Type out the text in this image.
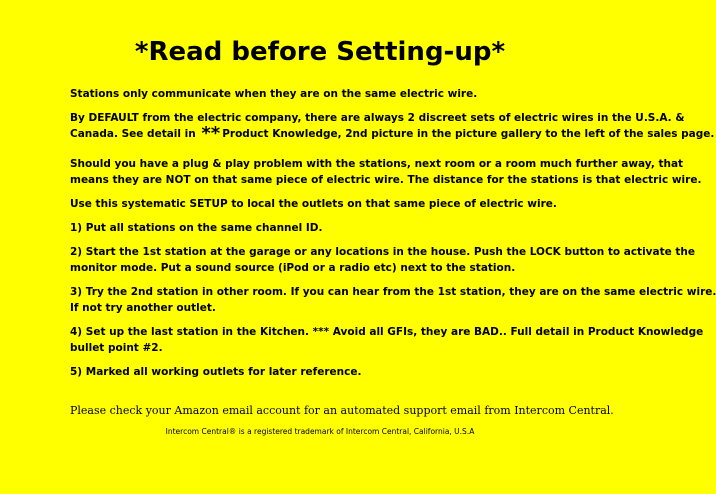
*Read before Setting-up*
Stations only communicate when they are on the same electric wire.
By DEFAULT from the electric company, there are always 2 discreet sets of electric wires in the U.S.A. &
Canada. See detail in ** Product Knowledge, 2nd picture in the picture gallery to the left of the sales page.
Should you have a plug & play problem with the stations, next room or a room much further away, that
means they are NOT on that same piece of electric wire. The distance for the stations is that electric wire.
Use this systematic SETUP to local the outlets on that same piece of electric wire.
1) Put all stations on the same channel ID.
2) Start the 1st station at the garage or any locations in the house. Push the LOCK button to activate the
monitor mode. Put a sound source (iPod or a radio etc) next to the station.
3) Try the 2nd station in other room. If you can hear from the 1st station, they are on the same electric wire.
If not try another outlet.
4) Set up the last station in the Kitchen. *** Avoid all GFIs, they are BAD.. Full detail in Product Knowledge
bullet point #2.
5) Marked all working outlets for later reference.
Please check your Amazon email account for an automated support email from Intercom Central.
Intercom Central® is a registered trademark of Intercom Central, California, U.S.A
